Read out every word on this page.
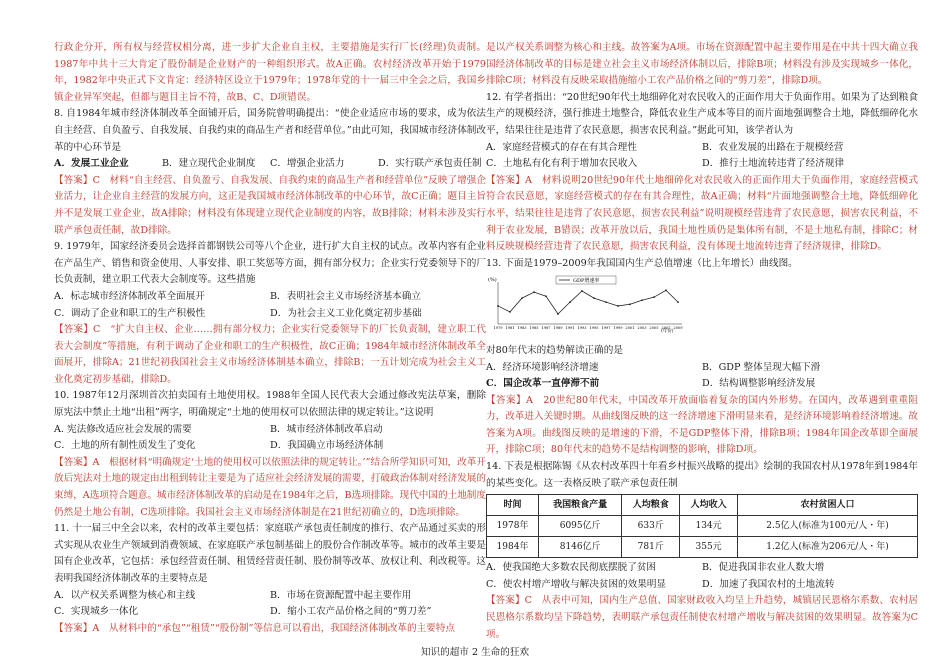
行政企分开，所有权与经营权相分离，进一步扩大企业自主权，主要措施是实行厂长(经理)负责制。1987年中共十三大肯定了股份制是企业财产的一种组织形式。故A正确。农村经济改革开始于1979年，1982年中央正式下文肯定：经济特区设立于1979年；1978年党的十一届三中全会之后，我国乡镇企业异军突起，但都与题目主旨不符，故B、C、D项错误。

8. 自1984年城市经济体制改革全面铺开后，国务院曾明确提出：“使企业适应市场的要求，成为依法自主经营、自负盈亏、自我发展、自我约束的商品生产者和经营单位。”由此可知，我国城市经济体制改革的中心环节是

A．发展工业企业	B．建立现代企业制度	C．增强企业活力	D．实行联产承包责任制

【答案】C　材料“自主经营、自负盈亏、自我发展、自我约束的商品生产者和经营单位”反映了增强企业活力，让企业自主经营的发展方向，这正是我国城市经济体制改革的中心环节，故C正确；题目主旨并不是发展工业企业，故A排除；材料没有体现建立现代企业制度的内容，故B排除；材料未涉及实行联产承包责任制，故D排除。

9. 1979年，国家经济委员会选择首都钢铁公司等八个企业，进行扩大自主权的试点。改革内容有企业在产品生产、销售和资金使用、人事安排、职工奖惩等方面，拥有部分权力；企业实行党委领导下的厂长负责制，建立职工代表大会制度等。这些措施

A．标志城市经济体制改革全面展开	B．表明社会主义市场经济基本确立
C．调动了企业和职工的生产积极性	D．为社会主义工业化奠定初步基础

【答案】C　“扩大自主权、企业……拥有部分权力；企业实行党委领导下的厂长负责制，建立职工代表大会制度”等措施，有利于调动了企业和职工的生产积极性，故C正确；1984年城市经济体制改革全面展开，排除A；21世纪初我国社会主义市场经济体制基本确立，排除B；一五计划完成为社会主义工业化奠定初步基础，排除D。

10. 1987年12月深圳首次拍卖国有土地使用权。1988年全国人民代表大会通过修改宪法草案，删除原宪法中禁止土地“出租”两字，明确规定“土地的使用权可以依照法律的规定转让。”这说明

A. 宪法修改适应社会发展的需要	B．城市经济体制改革启动
C．土地的所有制性质发生了变化	D．我国确立市场经济体制

【答案】A　根据材料“明确规定‘土地的使用权可以依照法律的规定转让。’”结合所学知识可知，改革开放后宪法对土地的规定由出租到转让主要是为了适应社会经济发展的需要，打破政治体制对经济发展的束缚，A选项符合题意。城市经济体制改革的启动是在1984年之后，B选项排除。现代中国的土地制度仍然是土地公有制，C选项排除。我国社会主义市场经济体制是在21世纪初确立的，D选项排除。

11. 十一届三中全会以来，农村的改革主要包括：家庭联产承包责任制度的推行、农产品通过买卖的形式实现从农业生产领域到消费领域、在家庭联产承包制基础上的股份合作制改革等。城市的改革主要是国有企业改革，它包括：承包经营责任制、租赁经营责任制、股份制等改革、放权让利、利改税等。这表明我国经济体制改革的主要特点是

A．以产权关系调整为核心和主线	B．市场在资源配置中起主要作用
C．实现城乡一体化	D．缩小工农产品价格之间的“剪刀差”

【答案】A　从材料中的“承包”“租赁”“股份制”等信息可以看出，我国经济体制改革的主要特点

是以产权关系调整为核心和主线。故答案为A项。市场在资源配置中起主要作用是在中共十四大确立我国经济体制改革的目标是建立社会主义市场经济体制以后，排除B项；材料没有涉及实现城乡一体化，排除C项；材料没有反映采取措施缩小工农产品价格之间的“剪刀差”，排除D项。

12. 有学者指出：“20世纪90年代土地细碎化对农民收入的正面作用大于负面作用。如果为了达到粮食生产的规模经济，强行推进土地整合，降低农业生产成本等目的而片面地强调整合土地，降低细碎化水平，结果往往是违背了农民意愿，损害农民利益。”据此可知，该学者认为

A．家庭经营模式的存在有其合理性	B．农业发展的出路在于规模经营
C．土地私有化有利于增加农民收入	D．推行土地流转违背了经济规律

【答案】A　材料说明20世纪90年代土地细碎化对农民收入的正面作用大于负面作用，家庭经营模式符合农民意愿，家庭经营模式的存在有其合理性，故A正确；材料“片面地强调整合土地，降低细碎化水平，结果往往是违背了农民意愿，损害农民利益”说明规模经营违背了农民意愿，损害农民利益，不利于农业发展，B错误；改革开放以后，我国土地性质仍是集体所有制，不是土地私有制，排除C；材料反映规模经营违背了农民意愿，损害农民利益，没有体现土地流转违背了经济规律，排除D。

13. 下面是1979–2009年我国国内生产总值增速（比上年增长）曲线图。

(%)	GDP增速率
1979 1981 1983 1985 1987 1989 1991 1993 1995 1997 1999 2001 2003 2005 2007 2009
(年份)

对80年代末的趋势解读正确的是

A．经济环境影响经济增速	B．GDP 整体呈现大幅下滑
C．国企改革一直停滞不前	D．结构调整影响经济发展

【答案】A　20世纪80年代末，中国改革开放面临着复杂的国内外形势。在国内，改革遇到重重阻力，改革进入关键时期。从曲线图反映的这一经济增速下滑明显来看，是经济环境影响着经济增速。故答案为A项。曲线图反映的是增速的下滑，不是GDP整体下滑，排除B项；1984年国企改革即全面展开，排除C项；80年代末的趋势不是结构调整的影响，排除D项。

14. 下表是根据陈锡《从农村改革四十年看乡村振兴战略的提出》绘制的我国农村从1978年到1984年的某些变化。这一表格反映了联产承包责任制

时间	我国粮食产量	人均粮食	人均收入	农村贫困人口
1978年	6095亿斤	633斤	134元	2.5亿人(标准为100元/人・年)
1984年	8146亿斤	781斤	355元	1.2亿人(标准为206元/人・年)
A．使我国绝大多数农民彻底摆脱了贫困	B．促进我国非农业人数大增
C．使农村增产增收与解决贫困的效果明显	D．加速了我国农村的土地流转

【答案】C　从表中可知，国内生产总值、国家财政收入均呈上升趋势，城镇居民恩格尔系数、农村居民恩格尔系数均呈下降趋势，表明联产承包责任制使农村增产增收与解决贫困的效果明显。故答案为C项。

知识的超市 2 生命的狂欢
